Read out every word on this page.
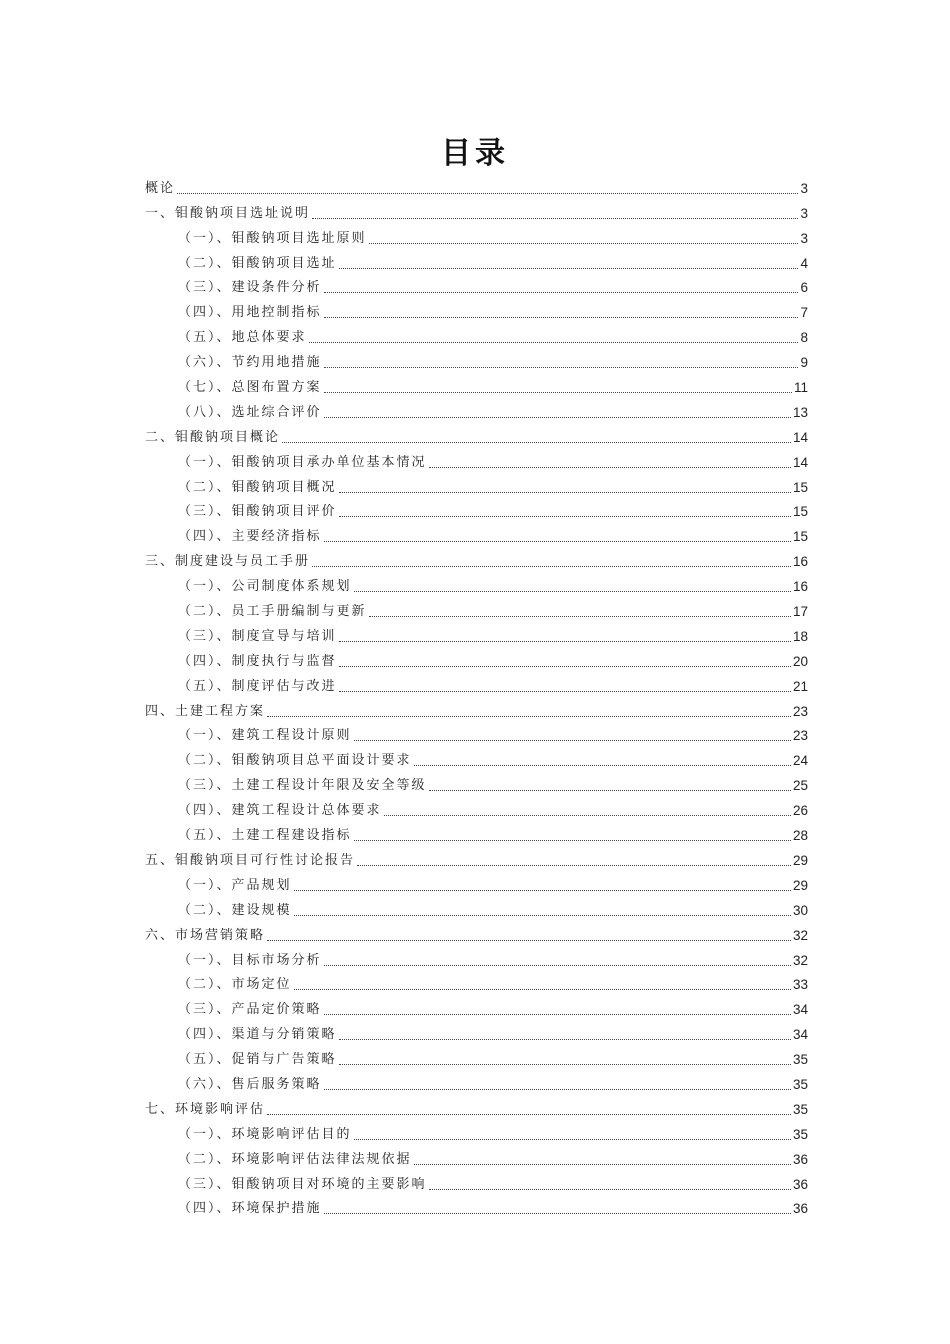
目录
概论	3
一、钼酸钠项目选址说明	3
（一）、钼酸钠项目选址原则	3
（二）、钼酸钠项目选址	4
（三）、建设条件分析	6
（四）、用地控制指标	7
（五）、地总体要求	8
（六）、节约用地措施	9
（七）、总图布置方案	11
（八）、选址综合评价	13
二、钼酸钠项目概论	14
（一）、钼酸钠项目承办单位基本情况	14
（二）、钼酸钠项目概况	15
（三）、钼酸钠项目评价	15
（四）、主要经济指标	15
三、制度建设与员工手册	16
（一）、公司制度体系规划	16
（二）、员工手册编制与更新	17
（三）、制度宣导与培训	18
（四）、制度执行与监督	20
（五）、制度评估与改进	21
四、土建工程方案	23
（一）、建筑工程设计原则	23
（二）、钼酸钠项目总平面设计要求	24
（三）、土建工程设计年限及安全等级	25
（四）、建筑工程设计总体要求	26
（五）、土建工程建设指标	28
五、钼酸钠项目可行性讨论报告	29
（一）、产品规划	29
（二）、建设规模	30
六、市场营销策略	32
（一）、目标市场分析	32
（二）、市场定位	33
（三）、产品定价策略	34
（四）、渠道与分销策略	34
（五）、促销与广告策略	35
（六）、售后服务策略	35
七、环境影响评估	35
（一）、环境影响评估目的	35
（二）、环境影响评估法律法规依据	36
（三）、钼酸钠项目对环境的主要影响	36
（四）、环境保护措施	36
